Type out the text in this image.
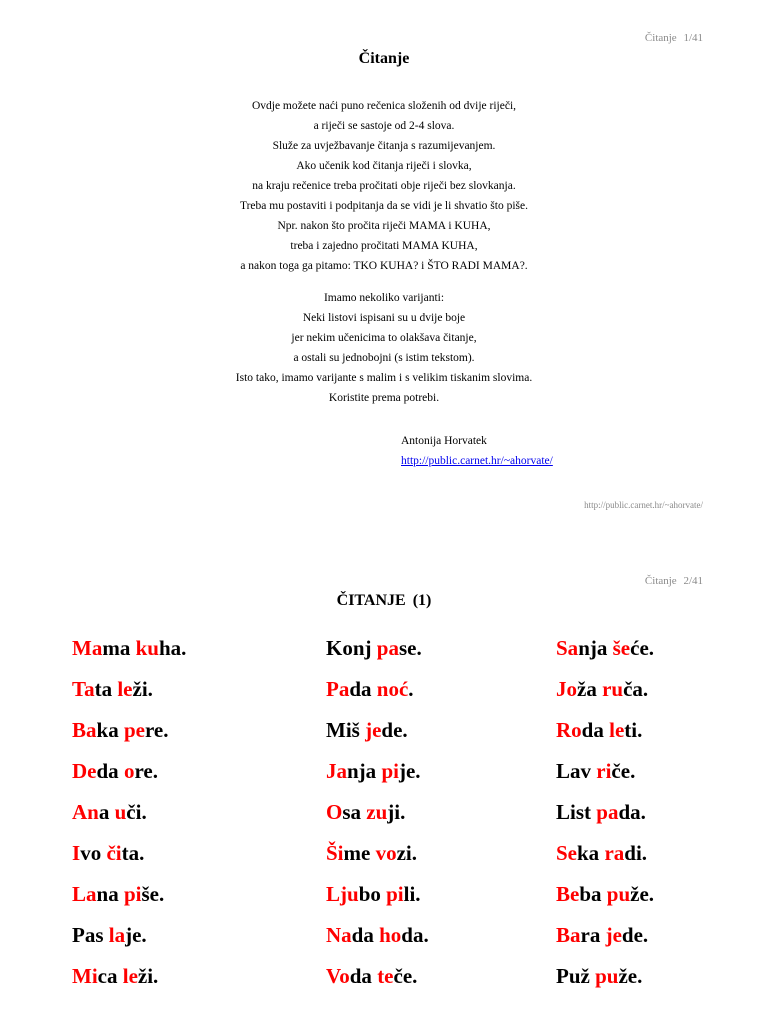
Čitanje 1/41
Čitanje
Ovdje možete naći puno rečenica složenih od dvije riječi,
a riječi se sastoje od 2-4 slova.
Služe za uvježbavanje čitanja s razumijevanjem.
Ako učenik kod čitanja riječi i slovka,
na kraju rečenice treba pročitati obje riječi bez slovkanja.
Treba mu postaviti i podpitanja da se vidi je li shvatio što piše.
Npr. nakon što pročita riječi MAMA i KUHA,
treba i zajedno pročitati MAMA KUHA,
a nakon toga ga pitamo: TKO KUHA? i ŠTO RADI MAMA?.
Imamo nekoliko varijanti:
Neki listovi ispisani su u dvije boje
jer nekim učenicima to olakšava čitanje,
a ostali su jednobojni (s istim tekstom).
Isto tako, imamo varijante s malim i s velikim tiskanim slovima.
Koristite prema potrebi.
Antonija Horvatek
http://public.carnet.hr/~ahorvate/
http://public.carnet.hr/~ahorvate/
Čitanje 2/41
ČITANJE (1)
Mama kuha.
Tata leži.
Baka pere.
Deda ore.
Ana uči.
Ivo čita.
Lana piše.
Pas laje.
Mica leži.
Konj pase.
Pada noć.
Miš jede.
Janja pije.
Osa zuji.
Šime vozi.
Ljubo pili.
Nada hoda.
Voda teče.
Sanja šeće.
Joža ruča.
Roda leti.
Lav riče.
List pada.
Seka radi.
Beba puže.
Bara jede.
Puž puže.
